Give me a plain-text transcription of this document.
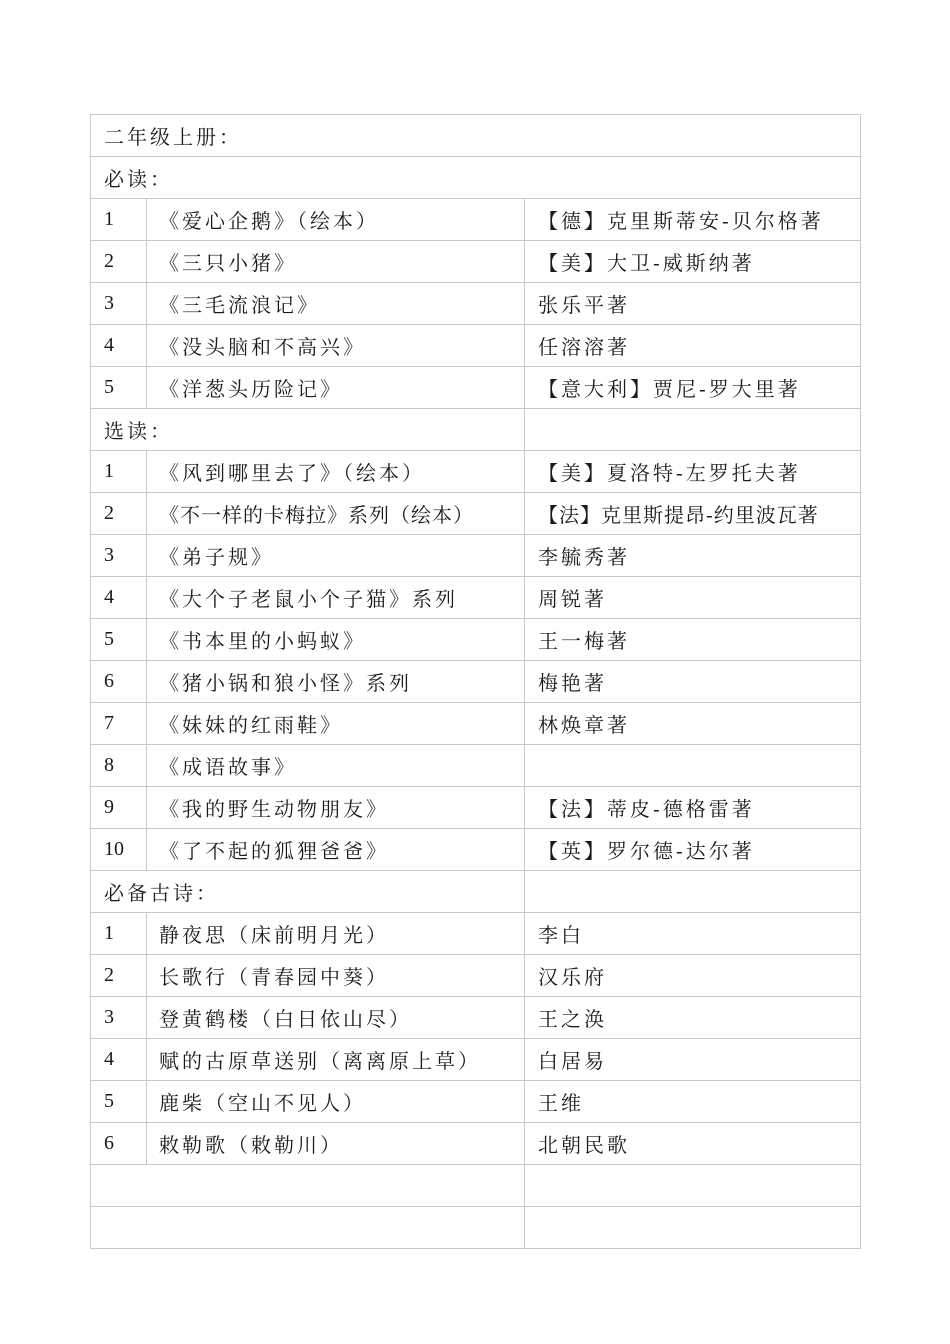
二年级上册：		
必读：		
1	《爱心企鹅》（绘本）	【德】克里斯蒂安-贝尔格著
2	《三只小猪》	【美】大卫-威斯纳著
3	《三毛流浪记》	张乐平著
4	《没头脑和不高兴》	任溶溶著
5	《洋葱头历险记》	【意大利】贾尼-罗大里著
选读：		
1	《风到哪里去了》（绘本）	【美】夏洛特-左罗托夫著
2	《不一样的卡梅拉》系列（绘本）	【法】克里斯提昂-约里波瓦著
3	《弟子规》	李毓秀著
4	《大个子老鼠小个子猫》系列	周锐著
5	《书本里的小蚂蚁》	王一梅著
6	《猪小锅和狼小怪》系列	梅艳著
7	《妹妹的红雨鞋》	林焕章著
8	《成语故事》	
9	《我的野生动物朋友》	【法】蒂皮-德格雷著
10	《了不起的狐狸爸爸》	【英】罗尔德-达尔著
必备古诗：		
1	静夜思（床前明月光）	李白
2	长歌行（青春园中葵）	汉乐府
3	登黄鹤楼（白日依山尽）	王之涣
4	赋的古原草送别（离离原上草）	白居易
5	鹿柴（空山不见人）	王维
6	敕勒歌（敕勒川）	北朝民歌
